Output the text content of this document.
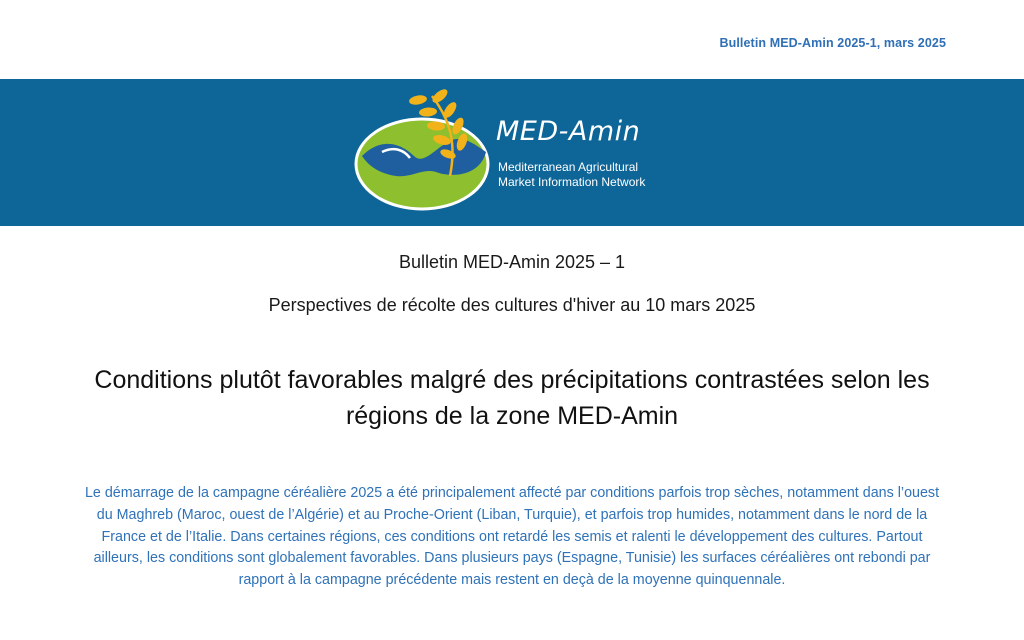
Bulletin MED-Amin 2025-1, mars 2025
MED-Amin
Mediterranean Agricultural
Market Information Network
Bulletin MED-Amin 2025 – 1
Perspectives de récolte des cultures d'hiver au 10 mars 2025
Conditions plutôt favorables malgré des précipitations contrastées selon les régions de la zone MED-Amin
Le démarrage de la campagne céréalière 2025 a été principalement affecté par conditions parfois trop sèches, notamment dans l’ouest du Maghreb (Maroc, ouest de l’Algérie) et au Proche-Orient (Liban, Turquie), et parfois trop humides, notamment dans le nord de la France et de l’Italie. Dans certaines régions, ces conditions ont retardé les semis et ralenti le développement des cultures. Partout ailleurs, les conditions sont globalement favorables. Dans plusieurs pays (Espagne, Tunisie) les surfaces céréalières ont rebondi par rapport à la campagne précédente mais restent en deçà de la moyenne quinquennale.
